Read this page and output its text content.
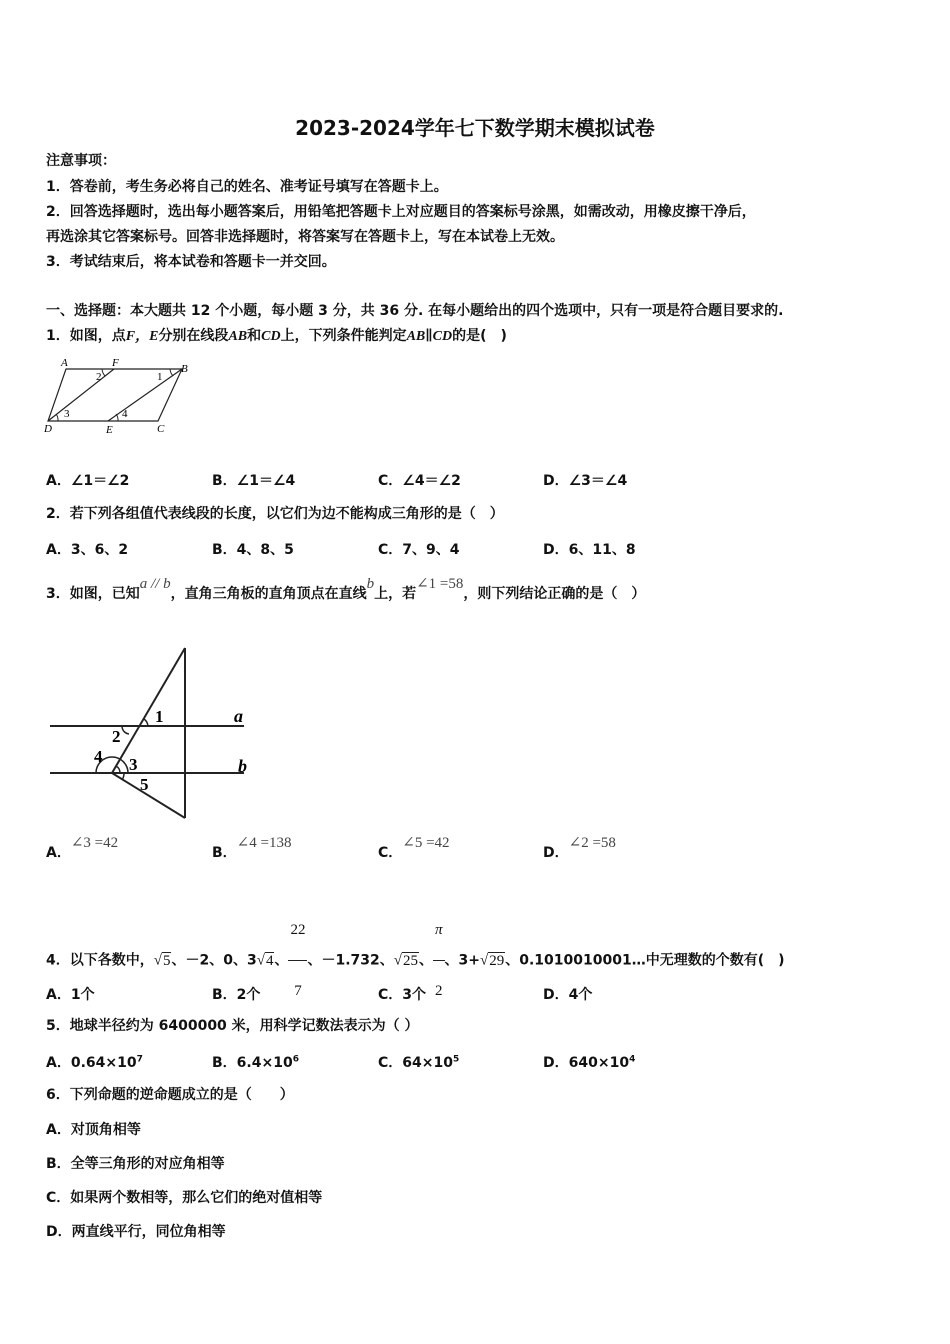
2023-2024学年七下数学期末模拟试卷
注意事项：
1．答卷前，考生务必将自己的姓名、准考证号填写在答题卡上。
2．回答选择题时，选出每小题答案后，用铅笔把答题卡上对应题目的答案标号涂黑，如需改动，用橡皮擦干净后，
再选涂其它答案标号。回答非选择题时，将答案写在答题卡上，写在本试卷上无效。
3．考试结束后，将本试卷和答题卡一并交回。
一、选择题：本大题共 12 个小题，每小题 3 分，共 36 分. 在每小题给出的四个选项中，只有一项是符合题目要求的.
1．如图，点F，E分别在线段AB和CD上，下列条件能判定AB∥CD的是(　)
A	F	B
D	E	C
1
2
3	4
A．∠1＝∠2	B．∠1＝∠4	C．∠4＝∠2	D．∠3＝∠4
2．若下列各组值代表线段的长度，以它们为边不能构成三角形的是（　）
A．3、6、2	B．4、8、5	C．7、9、4	D．6、11、8
3．如图，已知a // b，直角三角板的直角顶点在直线b上，若∠1 =58，则下列结论正确的是（　）
1
2
3
4
5
a
b
A．∠3 =42
B．∠4 =138
C．∠5 =42
D．∠2 =58
4．以下各数中，√5、－2、0、3√4、 $\frac{22}{7}$ 、－1.732、√25、 $\frac{\pi}{2}$ 、3+√29、0.1010010001…中无理数的个数有(　)
A．1个	B．2个	C．3个	D．4个
5．地球半径约为 6400000 米，用科学记数法表示为（ ）
A．$0.64\times 10^7$	B．$6.4\times 10^6$	C．$64\times 10^5$	D．$640\times 10^4$
6．下列命题的逆命题成立的是（　　）
A．对顶角相等
B．全等三角形的对应角相等
C．如果两个数相等，那么它们的绝对值相等
D．两直线平行，同位角相等
